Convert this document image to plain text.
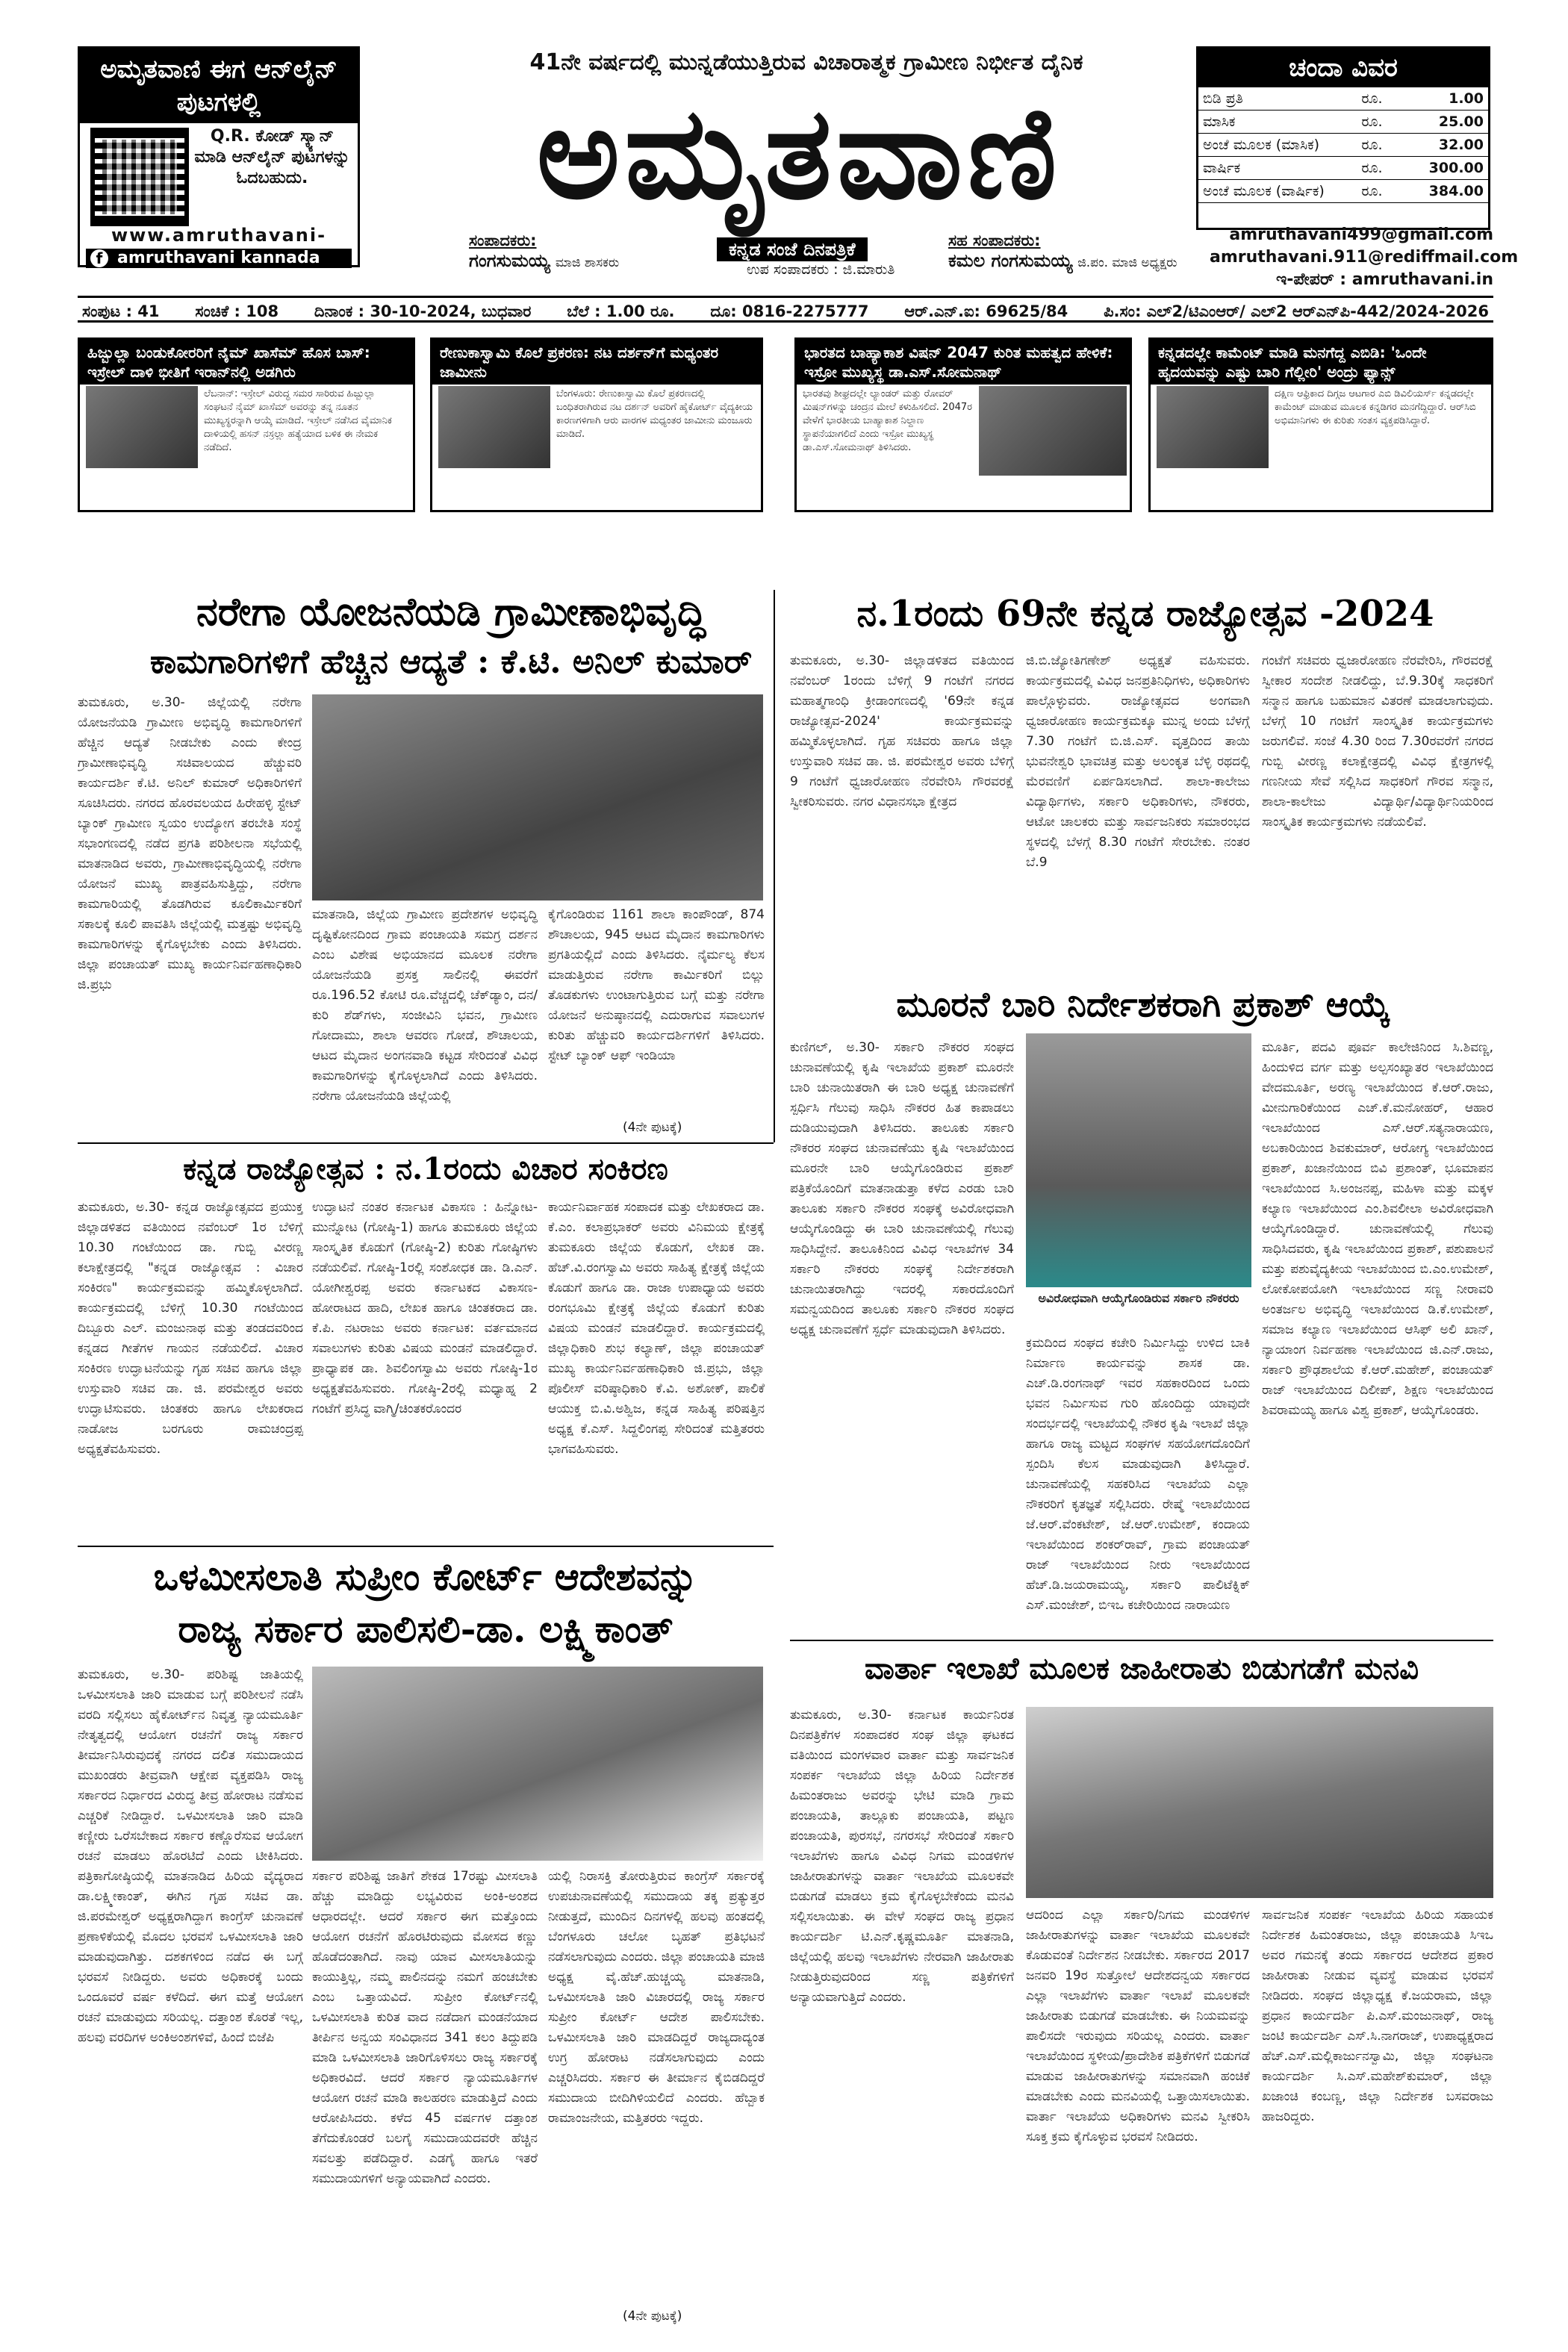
ಅಮೃತವಾಣಿ ಈಗ ಆನ್‌ಲೈನ್ ಪುಟಗಳಲ್ಲಿ
Q.R. ಕೋಡ್ ಸ್ಕ್ಯಾನ್ ಮಾಡಿ ಆನ್‌ಲೈನ್ ಪುಟಗಳನ್ನು ಓದಬಹುದು.
www.amruthavani-
f amruthavani kannada
41ನೇ ವರ್ಷದಲ್ಲಿ ಮುನ್ನಡೆಯುತ್ತಿರುವ ವಿಚಾರಾತ್ಮಕ ಗ್ರಾಮೀಣ ನಿರ್ಭೀತ ದೈನಿಕ
ಅಮೃತವಾಣಿ
ಸಂಪಾದಕರು:
ಗಂಗಸುಮಯ್ಯ ಮಾಜಿ ಶಾಸಕರು
ಕನ್ನಡ ಸಂಜೆ ದಿನಪತ್ರಿಕೆ
ಉಪ ಸಂಪಾದಕರು : ಜಿ.ಮಾರುತಿ
ಸಹ ಸಂಪಾದಕರು:
ಕಮಲ ಗಂಗಸುಮಯ್ಯ ಜಿ.ಪಂ. ಮಾಜಿ ಅಧ್ಯಕ್ಷರು
ಚಂದಾ ವಿವರ
ಬಿಡಿ ಪ್ರತಿ	ರೂ.	1.00
ಮಾಸಿಕ	ರೂ.	25.00
ಅಂಚೆ ಮೂಲಕ (ಮಾಸಿಕ)	ರೂ.	32.00
ವಾರ್ಷಿಕ	ರೂ.	300.00
ಅಂಚೆ ಮೂಲಕ (ವಾರ್ಷಿಕ)	ರೂ.	384.00
amruthavani499@gmail.com
amruthavani.911@rediffmail.com
ಇ-ಪೇಪರ್ : amruthavani.in
ಸಂಪುಟ : 41 ಸಂಚಿಕೆ : 108 ದಿನಾಂಕ : 30-10-2024, ಬುಧವಾರ ಬೆಲೆ : 1.00 ರೂ. ದೂ: 0816-2275777 ಆರ್.ಎನ್.ಐ: 69625/84 ಪಿ.ಸಂ: ಎಲ್2/ಟಿಎಂಆರ್/ ಎಲ್2 ಆರ್‌ಎನ್‌ಪಿ-442/2024-2026
ಹಿಜ್ಬುಲ್ಲಾ ಬಂಡುಕೋರರಿಗೆ ನೈಮ್ ಖಾಸೆಮ್ ಹೊಸ ಬಾಸ್: ಇಸ್ರೇಲ್ ದಾಳಿ ಭೀತಿಗೆ ಇರಾನ್‌ನಲ್ಲಿ ಅಡಗಿರು
ಲೆಬನಾನ್: ಇಸ್ರೇಲ್ ವಿರುದ್ಧ ಸಮರ ಸಾರಿರುವ ಹಿಜ್ಬುಲ್ಲಾ ಸಂಘಟನೆ ನೈಮ್ ಖಾಸೆಮ್ ಅವರನ್ನು ತನ್ನ ನೂತನ ಮುಖ್ಯಸ್ಥರನ್ನಾಗಿ ಆಯ್ಕೆ ಮಾಡಿದೆ. ಇಸ್ರೇಲ್ ನಡೆಸಿದ ವೈಮಾನಿಕ ದಾಳಿಯಲ್ಲಿ ಹಸನ್ ನಸ್ರಲ್ಲಾ ಹತ್ಯೆಯಾದ ಬಳಿಕ ಈ ನೇಮಕ ನಡೆದಿದೆ.
ರೇಣುಕಾಸ್ವಾಮಿ ಕೊಲೆ ಪ್ರಕರಣ: ನಟ ದರ್ಶನ್‌ಗೆ ಮಧ್ಯಂತರ ಜಾಮೀನು
ಬೆಂಗಳೂರು: ರೇಣುಕಾಸ್ವಾಮಿ ಕೊಲೆ ಪ್ರಕರಣದಲ್ಲಿ ಬಂಧಿತರಾಗಿರುವ ನಟ ದರ್ಶನ್ ಅವರಿಗೆ ಹೈಕೋರ್ಟ್ ವೈದ್ಯಕೀಯ ಕಾರಣಗಳಿಗಾಗಿ ಆರು ವಾರಗಳ ಮಧ್ಯಂತರ ಜಾಮೀನು ಮಂಜೂರು ಮಾಡಿದೆ.
ಭಾರತದ ಬಾಹ್ಯಾಕಾಶ ವಿಷನ್ 2047 ಕುರಿತ ಮಹತ್ವದ ಹೇಳಿಕೆ: ಇಸ್ರೋ ಮುಖ್ಯಸ್ಥ ಡಾ.ಎಸ್.ಸೋಮನಾಥ್
ಭಾರತವು ಶೀಘ್ರದಲ್ಲೇ ಲ್ಯಾಂಡರ್ ಮತ್ತು ರೋವರ್ ಮಿಷನ್‌ಗಳನ್ನು ಚಂದ್ರನ ಮೇಲೆ ಕಳುಹಿಸಲಿದೆ. 2047ರ ವೇಳೆಗೆ ಭಾರತೀಯ ಬಾಹ್ಯಾಕಾಶ ನಿಲ್ದಾಣ ಸ್ಥಾಪನೆಯಾಗಲಿದೆ ಎಂದು ಇಸ್ರೋ ಮುಖ್ಯಸ್ಥ ಡಾ.ಎಸ್.ಸೋಮನಾಥ್ ತಿಳಿಸಿದರು.
ಕನ್ನಡದಲ್ಲೇ ಕಾಮೆಂಟ್ ಮಾಡಿ ಮನಗೆದ್ದ ಎಬಿಡಿ: 'ಒಂದೇ ಹೃದಯವನ್ನು ಎಷ್ಟು ಬಾರಿ ಗೆಲ್ಲೀರಿ' ಅಂದ್ರು ಫ್ಯಾನ್ಸ್
ದಕ್ಷಿಣ ಆಫ್ರಿಕಾದ ದಿಗ್ಗಜ ಆಟಗಾರ ಎಬಿ ಡಿವಿಲಿಯರ್ಸ್ ಕನ್ನಡದಲ್ಲೇ ಕಾಮೆಂಟ್ ಮಾಡುವ ಮೂಲಕ ಕನ್ನಡಿಗರ ಮನಗೆದ್ದಿದ್ದಾರೆ. ಆರ್‌ಸಿಬಿ ಅಭಿಮಾನಿಗಳು ಈ ಕುರಿತು ಸಂತಸ ವ್ಯಕ್ತಪಡಿಸಿದ್ದಾರೆ.
ನರೇಗಾ ಯೋಜನೆಯಡಿ ಗ್ರಾಮೀಣಾಭಿವೃದ್ಧಿ
ಕಾಮಗಾರಿಗಳಿಗೆ ಹೆಚ್ಚಿನ ಆದ್ಯತೆ : ಕೆ.ಟಿ. ಅನಿಲ್ ಕುಮಾರ್
ತುಮಕೂರು, ಅ.30- ಜಿಲ್ಲೆಯಲ್ಲಿ ನರೇಗಾ ಯೋಜನೆಯಡಿ ಗ್ರಾಮೀಣ ಅಭಿವೃದ್ಧಿ ಕಾಮಗಾರಿಗಳಿಗೆ ಹೆಚ್ಚಿನ ಆದ್ಯತೆ ನೀಡಬೇಕು ಎಂದು ಕೇಂದ್ರ ಗ್ರಾಮೀಣಾಭಿವೃದ್ಧಿ ಸಚಿವಾಲಯದ ಹೆಚ್ಚುವರಿ ಕಾರ್ಯದರ್ಶಿ ಕೆ.ಟಿ. ಅನಿಲ್ ಕುಮಾರ್ ಅಧಿಕಾರಿಗಳಿಗೆ ಸೂಚಿಸಿದರು. ನಗರದ ಹೊರವಲಯದ ಹಿರೇಹಳ್ಳಿ ಸ್ಟೇಟ್ ಬ್ಯಾಂಕ್ ಗ್ರಾಮೀಣ ಸ್ವಯಂ ಉದ್ಯೋಗ ತರಬೇತಿ ಸಂಸ್ಥೆ ಸಭಾಂಗಣದಲ್ಲಿ ನಡೆದ ಪ್ರಗತಿ ಪರಿಶೀಲನಾ ಸಭೆಯಲ್ಲಿ ಮಾತನಾಡಿದ ಅವರು, ಗ್ರಾಮೀಣಾಭಿವೃದ್ಧಿಯಲ್ಲಿ ನರೇಗಾ ಯೋಜನೆ ಮುಖ್ಯ ಪಾತ್ರವಹಿಸುತ್ತಿದ್ದು, ನರೇಗಾ ಕಾಮಗಾರಿಯಲ್ಲಿ ತೊಡಗಿರುವ ಕೂಲಿಕಾರ್ಮಿಕರಿಗೆ ಸಕಾಲಕ್ಕೆ ಕೂಲಿ ಪಾವತಿಸಿ ಜಿಲ್ಲೆಯಲ್ಲಿ ಮತ್ತಷ್ಟು ಅಭಿವೃದ್ಧಿ ಕಾಮಗಾರಿಗಳನ್ನು ಕೈಗೊಳ್ಳಬೇಕು ಎಂದು ತಿಳಿಸಿದರು. ಜಿಲ್ಲಾ ಪಂಚಾಯತ್ ಮುಖ್ಯ ಕಾರ್ಯನಿರ್ವಹಣಾಧಿಕಾರಿ ಜಿ.ಪ್ರಭು
ಮಾತನಾಡಿ, ಜಿಲ್ಲೆಯ ಗ್ರಾಮೀಣ ಪ್ರದೇಶಗಳ ಅಭಿವೃದ್ಧಿ ದೃಷ್ಟಿಕೋನದಿಂದ ಗ್ರಾಮ ಪಂಚಾಯತಿ ಸಮಗ್ರ ದರ್ಶನ ಎಂಬ ವಿಶೇಷ ಅಭಿಯಾನದ ಮೂಲಕ ನರೇಗಾ ಯೋಜನೆಯಡಿ ಪ್ರಸಕ್ತ ಸಾಲಿನಲ್ಲಿ ಈವರೆಗೆ ರೂ.196.52 ಕೋಟಿ ರೂ.ವೆಚ್ಚದಲ್ಲಿ ಚೆಕ್‌ಡ್ಯಾಂ, ದನ/ಕುರಿ ಶೆಡ್‌ಗಳು, ಸಂಜೀವಿನಿ ಭವನ, ಗ್ರಾಮೀಣ ಗೋದಾಮು, ಶಾಲಾ ಆವರಣ ಗೋಡೆ, ಶೌಚಾಲಯ, ಆಟದ ಮೈದಾನ ಅಂಗನವಾಡಿ ಕಟ್ಟಡ ಸೇರಿದಂತೆ ವಿವಿಧ ಕಾಮಗಾರಿಗಳನ್ನು ಕೈಗೊಳ್ಳಲಾಗಿದೆ ಎಂದು ತಿಳಿಸಿದರು. ನರೇಗಾ ಯೋಜನೆಯಡಿ ಜಿಲ್ಲೆಯಲ್ಲಿ
ಕೈಗೊಂಡಿರುವ 1161 ಶಾಲಾ ಕಾಂಪೌಂಡ್, 874 ಶೌಚಾಲಯ, 945 ಆಟದ ಮೈದಾನ ಕಾಮಗಾರಿಗಳು ಪ್ರಗತಿಯಲ್ಲಿದೆ ಎಂದು ತಿಳಿಸಿದರು. ನೈರ್ಮಲ್ಯ ಕೆಲಸ ಮಾಡುತ್ತಿರುವ ನರೇಗಾ ಕಾರ್ಮಿಕರಿಗೆ ಬಿಲ್ಲು ತೊಡಕುಗಳು ಉಂಟಾಗುತ್ತಿರುವ ಬಗ್ಗೆ ಮತ್ತು ನರೇಗಾ ಯೋಜನೆ ಅನುಷ್ಠಾನದಲ್ಲಿ ಎದುರಾಗುವ ಸವಾಲುಗಳ ಕುರಿತು ಹೆಚ್ಚುವರಿ ಕಾರ್ಯದರ್ಶಿಗಳಿಗೆ ತಿಳಿಸಿದರು. ಸ್ಟೇಟ್ ಬ್ಯಾಂಕ್ ಆಫ್ ಇಂಡಿಯಾ
(4ನೇ ಪುಟಕ್ಕೆ)
ನ.1ರಂದು 69ನೇ ಕನ್ನಡ ರಾಜ್ಯೋತ್ಸವ -2024
ತುಮಕೂರು, ಅ.30- ಜಿಲ್ಲಾಡಳಿತದ ವತಿಯಿಂದ ನವೆಂಬರ್ 1ರಂದು ಬೆಳಿಗ್ಗೆ 9 ಗಂಟೆಗೆ ನಗರದ ಮಹಾತ್ಮಗಾಂಧಿ ಕ್ರೀಡಾಂಗಣದಲ್ಲಿ '69ನೇ ಕನ್ನಡ ರಾಜ್ಯೋತ್ಸವ-2024' ಕಾರ್ಯಕ್ರಮವನ್ನು ಹಮ್ಮಿಕೊಳ್ಳಲಾಗಿದೆ. ಗೃಹ ಸಚಿವರು ಹಾಗೂ ಜಿಲ್ಲಾ ಉಸ್ತುವಾರಿ ಸಚಿವ ಡಾ. ಜಿ. ಪರಮೇಶ್ವರ ಅವರು ಬೆಳಿಗ್ಗೆ 9 ಗಂಟೆಗೆ ಧ್ವಜಾರೋಹಣ ನೆರವೇರಿಸಿ ಗೌರವರಕ್ಷೆ ಸ್ವೀಕರಿಸುವರು. ನಗರ ವಿಧಾನಸಭಾ ಕ್ಷೇತ್ರದ
ಜಿ.ಬಿ.ಜ್ಯೋತಿಗಣೇಶ್ ಅಧ್ಯಕ್ಷತೆ ವಹಿಸುವರು. ಕಾರ್ಯಕ್ರಮದಲ್ಲಿ ವಿವಿಧ ಜನಪ್ರತಿನಿಧಿಗಳು, ಅಧಿಕಾರಿಗಳು ಪಾಲ್ಗೊಳ್ಳುವರು. ರಾಜ್ಯೋತ್ಸವದ ಅಂಗವಾಗಿ ಧ್ವಜಾರೋಹಣ ಕಾರ್ಯಕ್ರಮಕ್ಕೂ ಮುನ್ನ ಅಂದು ಬೆಳಗ್ಗೆ 7.30 ಗಂಟೆಗೆ ಬಿ.ಜಿ.ಎಸ್. ವೃತ್ತದಿಂದ ತಾಯಿ ಭುವನೇಶ್ವರಿ ಭಾವಚಿತ್ರ ಮತ್ತು ಅಲಂಕೃತ ಬೆಳ್ಳಿ ರಥದಲ್ಲಿ ಮೆರವಣಿಗೆ ಏರ್ಪಡಿಸಲಾಗಿದೆ. ಶಾಲಾ-ಕಾಲೇಜು ವಿದ್ಯಾರ್ಥಿಗಳು, ಸರ್ಕಾರಿ ಅಧಿಕಾರಿಗಳು, ನೌಕರರು, ಆಟೋ ಚಾಲಕರು ಮತ್ತು ಸಾರ್ವಜನಿಕರು ಸಮಾರಂಭದ ಸ್ಥಳದಲ್ಲಿ ಬೆಳಗ್ಗೆ 8.30 ಗಂಟೆಗೆ ಸೇರಬೇಕು. ನಂತರ ಬೆ.9
ಗಂಟೆಗೆ ಸಚಿವರು ಧ್ವಜಾರೋಹಣ ನೆರವೇರಿಸಿ, ಗೌರವರಕ್ಷೆ ಸ್ವೀಕಾರ ಸಂದೇಶ ನೀಡಲಿದ್ದು, ಬೆ.9.30ಕ್ಕೆ ಸಾಧಕರಿಗೆ ಸನ್ಮಾನ ಹಾಗೂ ಬಹುಮಾನ ವಿತರಣೆ ಮಾಡಲಾಗುವುದು. ಬೆಳಗ್ಗೆ 10 ಗಂಟೆಗೆ ಸಾಂಸ್ಕೃತಿಕ ಕಾರ್ಯಕ್ರಮಗಳು ಜರುಗಲಿವೆ. ಸಂಜೆ 4.30 ರಿಂದ 7.30ರವರೆಗೆ ನಗರದ ಗುಬ್ಬಿ ವೀರಣ್ಣ ಕಲಾಕ್ಷೇತ್ರದಲ್ಲಿ ವಿವಿಧ ಕ್ಷೇತ್ರಗಳಲ್ಲಿ ಗಣನೀಯ ಸೇವೆ ಸಲ್ಲಿಸಿದ ಸಾಧಕರಿಗೆ ಗೌರವ ಸನ್ಮಾನ, ಶಾಲಾ-ಕಾಲೇಜು ವಿದ್ಯಾರ್ಥಿ/ವಿದ್ಯಾರ್ಥಿನಿಯರಿಂದ ಸಾಂಸ್ಕೃತಿಕ ಕಾರ್ಯಕ್ರಮಗಳು ನಡೆಯಲಿವೆ.
ಮೂರನೆ ಬಾರಿ ನಿರ್ದೇಶಕರಾಗಿ ಪ್ರಕಾಶ್ ಆಯ್ಕೆ
ಕುಣಿಗಲ್, ಅ.30- ಸರ್ಕಾರಿ ನೌಕರರ ಸಂಘದ ಚುನಾವಣೆಯಲ್ಲಿ ಕೃಷಿ ಇಲಾಖೆಯ ಪ್ರಕಾಶ್ ಮೂರನೇ ಬಾರಿ ಚುನಾಯಿತರಾಗಿ ಈ ಬಾರಿ ಅಧ್ಯಕ್ಷ ಚುನಾವಣೆಗೆ ಸ್ಪರ್ಧಿಸಿ ಗೆಲುವು ಸಾಧಿಸಿ ನೌಕರರ ಹಿತ ಕಾಪಾಡಲು ದುಡಿಯುವುದಾಗಿ ತಿಳಿಸಿದರು. ತಾಲೂಕು ಸರ್ಕಾರಿ ನೌಕರರ ಸಂಘದ ಚುನಾವಣೆಯು ಕೃಷಿ ಇಲಾಖೆಯಿಂದ ಮೂರನೇ ಬಾರಿ ಆಯ್ಕೆಗೊಂಡಿರುವ ಪ್ರಕಾಶ್ ಪತ್ರಿಕೆಯೊಂದಿಗೆ ಮಾತನಾಡುತ್ತಾ ಕಳೆದ ಎರಡು ಬಾರಿ ತಾಲೂಕು ಸರ್ಕಾರಿ ನೌಕರರ ಸಂಘಕ್ಕೆ ಅವಿರೋಧವಾಗಿ ಆಯ್ಕೆಗೊಂಡಿದ್ದು ಈ ಬಾರಿ ಚುನಾವಣೆಯಲ್ಲಿ ಗೆಲುವು ಸಾಧಿಸಿದ್ದೇನೆ. ತಾಲೂಕಿನಿಂದ ವಿವಿಧ ಇಲಾಖೆಗಳ 34 ಸರ್ಕಾರಿ ನೌಕರರು ಸಂಘಕ್ಕೆ ನಿರ್ದೇಶಕರಾಗಿ ಚುನಾಯಿತರಾಗಿದ್ದು ಇದರಲ್ಲಿ ಸಕಾರದೊಂದಿಗೆ ಸಮನ್ವಯದಿಂದ ತಾಲೂಕು ಸರ್ಕಾರಿ ನೌಕರರ ಸಂಘದ ಅಧ್ಯಕ್ಷ ಚುನಾವಣೆಗೆ ಸ್ಪರ್ಧೆ ಮಾಡುವುದಾಗಿ ತಿಳಿಸಿದರು.
ಅವಿರೋಧವಾಗಿ ಆಯ್ಕೆಗೊಂಡಿರುವ ಸರ್ಕಾರಿ ನೌಕರರು
ಕ್ರಮದಿಂದ ಸಂಘದ ಕಚೇರಿ ನಿರ್ಮಿಸಿದ್ದು ಉಳಿದ ಬಾಕಿ ನಿರ್ಮಾಣ ಕಾರ್ಯವನ್ನು ಶಾಸಕ ಡಾ. ಎಚ್.ಡಿ.ರಂಗನಾಥ್ ಇವರ ಸಹಕಾರದಿಂದ ಒಂದು ಭವನ ನಿರ್ಮಿಸುವ ಗುರಿ ಹೊಂದಿದ್ದು ಯಾವುದೇ ಸಂದರ್ಭದಲ್ಲಿ ಇಲಾಖೆಯಲ್ಲಿ ನೌಕರ ಕೃಷಿ ಇಲಾಖೆ ಜಿಲ್ಲಾ ಹಾಗೂ ರಾಜ್ಯ ಮಟ್ಟದ ಸಂಘಗಳ ಸಹಯೋಗದೊಂದಿಗೆ ಸ್ಪಂದಿಸಿ ಕೆಲಸ ಮಾಡುವುದಾಗಿ ತಿಳಿಸಿದ್ದಾರೆ. ಚುನಾವಣೆಯಲ್ಲಿ ಸಹಕರಿಸಿದ ಇಲಾಖೆಯ ಎಲ್ಲಾ ನೌಕರರಿಗೆ ಕೃತಜ್ಞತೆ ಸಲ್ಲಿಸಿದರು. ರೇಷ್ಮೆ ಇಲಾಖೆಯಿಂದ ಜೆ.ಆರ್.ವೆಂಕಟೇಶ್, ಜೆ.ಆರ್.ಉಮೇಶ್, ಕಂದಾಯ ಇಲಾಖೆಯಿಂದ ಶಂಕರ್‌ರಾವ್, ಗ್ರಾಮ ಪಂಚಾಯತ್ ರಾಜ್ ಇಲಾಖೆಯಿಂದ ನೀರು ಇಲಾಖೆಯಿಂದ ಹೆಚ್.ಡಿ.ಜಯರಾಮಯ್ಯ, ಸರ್ಕಾರಿ ಪಾಲಿಟೆಕ್ನಿಕ್ ಎಸ್.ಮಂಜೇಶ್, ಬಿಇಒ ಕಚೇರಿಯಿಂದ ನಾರಾಯಣ
ಮೂರ್ತಿ, ಪದವಿ ಪೂರ್ವ ಕಾಲೇಜಿನಿಂದ ಸಿ.ಶಿವಣ್ಣ, ಹಿಂದುಳಿದ ವರ್ಗ ಮತ್ತು ಅಲ್ಪಸಂಖ್ಯಾತರ ಇಲಾಖೆಯಿಂದ ವೇದಮೂರ್ತಿ, ಅರಣ್ಯ ಇಲಾಖೆಯಿಂದ ಕೆ.ಆರ್.ರಾಜು, ಮೀನುಗಾರಿಕೆಯಿಂದ ಎಚ್.ಕೆ.ಮನೋಹರ್, ಆಹಾರ ಇಲಾಖೆಯಿಂದ ಎಸ್.ಆರ್.ಸತ್ಯನಾರಾಯಣ, ಅಬಕಾರಿಯಿಂದ ಶಿವಕುಮಾರ್, ಆರೋಗ್ಯ ಇಲಾಖೆಯಿಂದ ಪ್ರಕಾಶ್, ಖಜಾನೆಯಿಂದ ಬಿವಿ ಪ್ರಶಾಂತ್, ಭೂಮಾಪನ ಇಲಾಖೆಯಿಂದ ಸಿ.ಅಂಜನಪ್ಪ, ಮಹಿಳಾ ಮತ್ತು ಮಕ್ಕಳ ಕಲ್ಯಾಣ ಇಲಾಖೆಯಿಂದ ಎಂ.ಶಿವಲೀಲಾ ಅವಿರೋಧವಾಗಿ ಆಯ್ಕೆಗೊಂಡಿದ್ದಾರೆ. ಚುನಾವಣೆಯಲ್ಲಿ ಗೆಲುವು ಸಾಧಿಸಿದವರು, ಕೃಷಿ ಇಲಾಖೆಯಿಂದ ಪ್ರಕಾಶ್, ಪಶುಪಾಲನೆ ಮತ್ತು ಪಶುವೈದ್ಯಕೀಯ ಇಲಾಖೆಯಿಂದ ಬಿ.ಎಂ.ಉಮೇಶ್, ಲೋಕೋಪಯೋಗಿ ಇಲಾಖೆಯಿಂದ ಸಣ್ಣ ನೀರಾವರಿ ಅಂತರ್ಜಲ ಅಭಿವೃದ್ಧಿ ಇಲಾಖೆಯಿಂದ ಡಿ.ಕೆ.ಉಮೇಶ್, ಸಮಾಜ ಕಲ್ಯಾಣ ಇಲಾಖೆಯಿಂದ ಆಸಿಫ್ ಅಲಿ ಖಾನ್, ನ್ಯಾಯಾಂಗ ನಿರ್ವಹಣಾ ಇಲಾಖೆಯಿಂದ ಜಿ.ಎನ್.ರಾಜು, ಸರ್ಕಾರಿ ಪ್ರೌಢಶಾಲೆಯ ಕೆ.ಆರ್.ಮಹೇಶ್, ಪಂಚಾಯತ್ ರಾಜ್ ಇಲಾಖೆಯಿಂದ ದಿಲೀಪ್, ಶಿಕ್ಷಣ ಇಲಾಖೆಯಿಂದ ಶಿವರಾಮಯ್ಯ ಹಾಗೂ ವಿಶ್ವ ಪ್ರಕಾಶ್, ಆಯ್ಕೆಗೊಂಡರು.
ಕನ್ನಡ ರಾಜ್ಯೋತ್ಸವ : ನ.1ರಂದು ವಿಚಾರ ಸಂಕಿರಣ
ತುಮಕೂರು, ಅ.30- ಕನ್ನಡ ರಾಜ್ಯೋತ್ಸವದ ಪ್ರಯುಕ್ತ ಜಿಲ್ಲಾಡಳಿತದ ವತಿಯಿಂದ ನವೆಂಬರ್ 1ರ ಬೆಳಿಗ್ಗೆ 10.30 ಗಂಟೆಯಿಂದ ಡಾ. ಗುಬ್ಬಿ ವೀರಣ್ಣ ಕಲಾಕ್ಷೇತ್ರದಲ್ಲಿ "ಕನ್ನಡ ರಾಜ್ಯೋತ್ಸವ : ವಿಚಾರ ಸಂಕಿರಣ" ಕಾರ್ಯಕ್ರಮವನ್ನು ಹಮ್ಮಿಕೊಳ್ಳಲಾಗಿದೆ. ಕಾರ್ಯಕ್ರಮದಲ್ಲಿ ಬೆಳಿಗ್ಗೆ 10.30 ಗಂಟೆಯಿಂದ ದಿಬ್ಬೂರು ಎಲ್. ಮಂಜುನಾಥ ಮತ್ತು ತಂಡದವರಿಂದ ಕನ್ನಡದ ಗೀತೆಗಳ ಗಾಯನ ನಡೆಯಲಿದೆ. ವಿಚಾರ ಸಂಕಿರಣ ಉದ್ಘಾಟನೆಯನ್ನು ಗೃಹ ಸಚಿವ ಹಾಗೂ ಜಿಲ್ಲಾ ಉಸ್ತುವಾರಿ ಸಚಿವ ಡಾ. ಜಿ. ಪರಮೇಶ್ವರ ಅವರು ಉದ್ಘಾಟಿಸುವರು. ಚಿಂತಕರು ಹಾಗೂ ಲೇಖಕರಾದ ನಾಡೋಜ ಬರಗೂರು ರಾಮಚಂದ್ರಪ್ಪ ಅಧ್ಯಕ್ಷತೆವಹಿಸುವರು.
ಉದ್ಘಾಟನೆ ನಂತರ ಕರ್ನಾಟಕ ವಿಕಾಸಣ : ಹಿನ್ನೋಟ-ಮುನ್ನೋಟ (ಗೋಷ್ಠಿ-1) ಹಾಗೂ ತುಮಕೂರು ಜಿಲ್ಲೆಯ ಸಾಂಸ್ಕೃತಿಕ ಕೊಡುಗೆ (ಗೋಷ್ಠಿ-2) ಕುರಿತು ಗೋಷ್ಠಿಗಳು ನಡೆಯಲಿವೆ. ಗೋಷ್ಠಿ-1ರಲ್ಲಿ ಸಂಶೋಧಕ ಡಾ. ಡಿ.ಎನ್. ಯೋಗೀಶ್ವರಪ್ಪ ಅವರು ಕರ್ನಾಟಕದ ವಿಕಾಸಣ-ಹೋರಾಟದ ಹಾದಿ, ಲೇಖಕ ಹಾಗೂ ಚಿಂತಕರಾದ ಡಾ. ಕೆ.ಪಿ. ನಟರಾಜು ಅವರು ಕರ್ನಾಟಕ: ವರ್ತಮಾನದ ಸವಾಲುಗಳು ಕುರಿತು ವಿಷಯ ಮಂಡನೆ ಮಾಡಲಿದ್ದಾರೆ. ಪ್ರಾಧ್ಯಾಪಕ ಡಾ. ಶಿವಲಿಂಗಸ್ವಾಮಿ ಅವರು ಗೋಷ್ಠಿ-1ರ ಅಧ್ಯಕ್ಷತೆವಹಿಸುವರು. ಗೋಷ್ಠಿ-2ರಲ್ಲಿ ಮಧ್ಯಾಹ್ನ 2 ಗಂಟೆಗೆ ಪ್ರಸಿದ್ಧ ವಾಗ್ಮಿ/ಚಿಂತಕರೊಂದರ
ಕಾರ್ಯನಿರ್ವಾಹಕ ಸಂಪಾದಕ ಮತ್ತು ಲೇಖಕರಾದ ಡಾ. ಕೆ.ಎಂ. ಕಲಾಪ್ರಭಾಕರ್ ಅವರು ವಿನಿಮಯ ಕ್ಷೇತ್ರಕ್ಕೆ ತುಮಕೂರು ಜಿಲ್ಲೆಯ ಕೊಡುಗೆ, ಲೇಖಕ ಡಾ. ಹೆಚ್.ವಿ.ರಂಗಸ್ವಾಮಿ ಅವರು ಸಾಹಿತ್ಯ ಕ್ಷೇತ್ರಕ್ಕೆ ಜಿಲ್ಲೆಯ ಕೊಡುಗೆ ಹಾಗೂ ಡಾ. ರಾಜಾ ಉಪಾಧ್ಯಾಯ ಅವರು ರಂಗಭೂಮಿ ಕ್ಷೇತ್ರಕ್ಕೆ ಜಿಲ್ಲೆಯ ಕೊಡುಗೆ ಕುರಿತು ವಿಷಯ ಮಂಡನೆ ಮಾಡಲಿದ್ದಾರೆ. ಕಾರ್ಯಕ್ರಮದಲ್ಲಿ ಜಿಲ್ಲಾಧಿಕಾರಿ ಶುಭ ಕಲ್ಯಾಣ್, ಜಿಲ್ಲಾ ಪಂಚಾಯತ್ ಮುಖ್ಯ ಕಾರ್ಯನಿರ್ವಹಣಾಧಿಕಾರಿ ಜಿ.ಪ್ರಭು, ಜಿಲ್ಲಾ ಪೊಲೀಸ್ ವರಿಷ್ಠಾಧಿಕಾರಿ ಕೆ.ವಿ. ಅಶೋಕ್, ಪಾಲಿಕೆ ಆಯುಕ್ತ ಬಿ.ವಿ.ಅಶ್ವಿಜ, ಕನ್ನಡ ಸಾಹಿತ್ಯ ಪರಿಷತ್ತಿನ ಅಧ್ಯಕ್ಷ ಕೆ.ಎಸ್. ಸಿದ್ದಲಿಂಗಪ್ಪ ಸೇರಿದಂತೆ ಮತ್ತಿತರರು ಭಾಗವಹಿಸುವರು.
ಒಳಮೀಸಲಾತಿ ಸುಪ್ರೀಂ ಕೋರ್ಟ್ ಆದೇಶವನ್ನು
ರಾಜ್ಯ ಸರ್ಕಾರ ಪಾಲಿಸಲಿ-ಡಾ. ಲಕ್ಷ್ಮಿಕಾಂತ್
ತುಮಕೂರು, ಅ.30- ಪರಿಶಿಷ್ಟ ಜಾತಿಯಲ್ಲಿ ಒಳಮೀಸಲಾತಿ ಜಾರಿ ಮಾಡುವ ಬಗ್ಗೆ ಪರಿಶೀಲನೆ ನಡೆಸಿ ವರದಿ ಸಲ್ಲಿಸಲು ಹೈಕೋರ್ಟ್‌ನ ನಿವೃತ್ತ ನ್ಯಾಯಮೂರ್ತಿ ನೇತೃತ್ವದಲ್ಲಿ ಆಯೋಗ ರಚನೆಗೆ ರಾಜ್ಯ ಸರ್ಕಾರ ತೀರ್ಮಾನಿಸಿರುವುದಕ್ಕೆ ನಗರದ ದಲಿತ ಸಮುದಾಯದ ಮುಖಂಡರು ತೀವ್ರವಾಗಿ ಆಕ್ಷೇಪ ವ್ಯಕ್ತಪಡಿಸಿ ರಾಜ್ಯ ಸರ್ಕಾರದ ನಿರ್ಧಾರದ ವಿರುದ್ಧ ತೀವ್ರ ಹೋರಾಟ ನಡೆಸುವ ಎಚ್ಚರಿಕೆ ನೀಡಿದ್ದಾರೆ. ಒಳಮೀಸಲಾತಿ ಜಾರಿ ಮಾಡಿ ಕಣ್ಣೀರು ಒರೆಸಬೇಕಾದ ಸರ್ಕಾರ ಕಣ್ಣೊರೆಸುವ ಆಯೋಗ ರಚನೆ ಮಾಡಲು ಹೊರಟಿದೆ ಎಂದು ಟೀಕಿಸಿದರು. ಪತ್ರಿಕಾಗೋಷ್ಠಿಯಲ್ಲಿ ಮಾತನಾಡಿದ ಹಿರಿಯ ವೈದ್ಯರಾದ ಡಾ.ಲಕ್ಷ್ಮೀಕಾಂತ್, ಈಗಿನ ಗೃಹ ಸಚಿವ ಡಾ. ಜಿ.ಪರಮೇಶ್ವರ್ ಅಧ್ಯಕ್ಷರಾಗಿದ್ದಾಗ ಕಾಂಗ್ರೆಸ್ ಚುನಾವಣೆ ಪ್ರಣಾಳಿಕೆಯಲ್ಲಿ ಮೊದಲ ಭರವಸೆ ಒಳಮೀಸಲಾತಿ ಜಾರಿ ಮಾಡುವುದಾಗಿತ್ತು. ದಶಕಗಳಿಂದ ನಡೆದ ಈ ಬಗ್ಗೆ ಭರವಸೆ ನೀಡಿದ್ದರು. ಅವರು ಅಧಿಕಾರಕ್ಕೆ ಬಂದು ಒಂದೂವರೆ ವರ್ಷ ಕಳೆದಿದೆ. ಈಗ ಮತ್ತೆ ಆಯೋಗ ರಚನೆ ಮಾಡುವುದು ಸರಿಯಲ್ಲ. ದತ್ತಾಂಶ ಕೊರತೆ ಇಲ್ಲ, ಹಲವು ವರದಿಗಳ ಅಂಕಿಅಂಶಗಳಿವೆ, ಹಿಂದೆ ಬಿಜೆಪಿ
ಸರ್ಕಾರ ಪರಿಶಿಷ್ಟ ಜಾತಿಗೆ ಶೇಕಡ 17ರಷ್ಟು ಮೀಸಲಾತಿ ಹೆಚ್ಚು ಮಾಡಿದ್ದು ಲಭ್ಯವಿರುವ ಅಂಕಿ-ಅಂಶದ ಆಧಾರದಲ್ಲೇ. ಆದರೆ ಸರ್ಕಾರ ಈಗ ಮತ್ತೊಂದು ಆಯೋಗ ರಚನೆಗೆ ಹೊರಟಿರುವುದು ಮೋಸದ ಕಣ್ಣು ಹೊಡೆದಂತಾಗಿದೆ. ನಾವು ಯಾವ ಮೀಸಲಾತಿಯನ್ನು ಕಾಯುತ್ತಿಲ್ಲ, ನಮ್ಮ ಪಾಲಿನದನ್ನು ನಮಗೆ ಹಂಚಬೇಕು ಎಂಬ ಒತ್ತಾಯವಿದೆ. ಸುಪ್ರೀಂ ಕೋರ್ಟ್‌ನಲ್ಲಿ ಒಳಮೀಸಲಾತಿ ಕುರಿತ ವಾದ ನಡೆದಾಗ ಮಂಡನೆಯಾದ ತೀರ್ಪಿನ ಅನ್ವಯ ಸಂವಿಧಾನದ 341 ಕಲಂ ತಿದ್ದುಪಡಿ ಮಾಡಿ ಒಳಮೀಸಲಾತಿ ಜಾರಿಗೊಳಿಸಲು ರಾಜ್ಯ ಸರ್ಕಾರಕ್ಕೆ ಅಧಿಕಾರವಿದೆ. ಆದರೆ ಸರ್ಕಾರ ನ್ಯಾಯಮೂರ್ತಿಗಳ ಆಯೋಗ ರಚನೆ ಮಾಡಿ ಕಾಲಹರಣ ಮಾಡುತ್ತಿದೆ ಎಂದು ಆರೋಪಿಸಿದರು. ಕಳೆದ 45 ವರ್ಷಗಳ ದತ್ತಾಂಶ ತೆಗೆದುಕೊಂಡರೆ ಬಲಗೈ ಸಮುದಾಯದವರೇ ಹೆಚ್ಚಿನ ಸವಲತ್ತು ಪಡೆದಿದ್ದಾರೆ. ಎಡಗೈ ಹಾಗೂ ಇತರೆ ಸಮುದಾಯಗಳಿಗೆ ಅನ್ಯಾಯವಾಗಿದೆ ಎಂದರು.
ಯಲ್ಲಿ ನಿರಾಸಕ್ತಿ ತೋರುತ್ತಿರುವ ಕಾಂಗ್ರೆಸ್ ಸರ್ಕಾರಕ್ಕೆ ಉಪಚುನಾವಣೆಯಲ್ಲಿ ಸಮುದಾಯ ತಕ್ಕ ಪ್ರತ್ಯುತ್ತರ ನೀಡುತ್ತದೆ, ಮುಂದಿನ ದಿನಗಳಲ್ಲಿ ಹಲವು ಹಂತದಲ್ಲಿ ಬೆಂಗಳೂರು ಚಲೋ ಬೃಹತ್ ಪ್ರತಿಭಟನೆ ನಡೆಸಲಾಗುವುದು ಎಂದರು. ಜಿಲ್ಲಾ ಪಂಚಾಯತಿ ಮಾಜಿ ಅಧ್ಯಕ್ಷ ವೈ.ಹೆಚ್.ಹುಚ್ಚಯ್ಯ ಮಾತನಾಡಿ, ಒಳಮೀಸಲಾತಿ ಜಾರಿ ವಿಚಾರದಲ್ಲಿ ರಾಜ್ಯ ಸರ್ಕಾರ ಸುಪ್ರೀಂ ಕೋರ್ಟ್ ಆದೇಶ ಪಾಲಿಸಬೇಕು. ಒಳಮೀಸಲಾತಿ ಜಾರಿ ಮಾಡದಿದ್ದರೆ ರಾಜ್ಯದಾದ್ಯಂತ ಉಗ್ರ ಹೋರಾಟ ನಡೆಸಲಾಗುವುದು ಎಂದು ಎಚ್ಚರಿಸಿದರು. ಸರ್ಕಾರ ಈ ತೀರ್ಮಾನ ಕೈಬಿಡದಿದ್ದರೆ ಸಮುದಾಯ ಬೀದಿಗಿಳಿಯಲಿದೆ ಎಂದರು. ಹೆಬ್ಬಾಕ ರಾಮಾಂಜನೇಯ, ಮತ್ತಿತರರು ಇದ್ದರು.
(4ನೇ ಪುಟಕ್ಕೆ)
ವಾರ್ತಾ ಇಲಾಖೆ ಮೂಲಕ ಜಾಹೀರಾತು ಬಿಡುಗಡೆಗೆ ಮನವಿ
ತುಮಕೂರು, ಅ.30- ಕರ್ನಾಟಕ ಕಾರ್ಯನಿರತ ದಿನಪತ್ರಿಕೆಗಳ ಸಂಪಾದಕರ ಸಂಘ ಜಿಲ್ಲಾ ಘಟಕದ ವತಿಯಿಂದ ಮಂಗಳವಾರ ವಾರ್ತಾ ಮತ್ತು ಸಾರ್ವಜನಿಕ ಸಂಪರ್ಕ ಇಲಾಖೆಯ ಜಿಲ್ಲಾ ಹಿರಿಯ ನಿರ್ದೇಶಕ ಹಿಮಂತರಾಜು ಅವರನ್ನು ಭೇಟಿ ಮಾಡಿ ಗ್ರಾಮ ಪಂಚಾಯತಿ, ತಾಲ್ಲೂಕು ಪಂಚಾಯತಿ, ಪಟ್ಟಣ ಪಂಚಾಯತಿ, ಪುರಸಭೆ, ನಗರಸಭೆ ಸೇರಿದಂತೆ ಸರ್ಕಾರಿ ಇಲಾಖೆಗಳು ಹಾಗೂ ವಿವಿಧ ನಿಗಮ ಮಂಡಳಿಗಳ ಜಾಹೀರಾತುಗಳನ್ನು ವಾರ್ತಾ ಇಲಾಖೆಯ ಮೂಲಕವೇ ಬಿಡುಗಡೆ ಮಾಡಲು ಕ್ರಮ ಕೈಗೊಳ್ಳಬೇಕೆಂದು ಮನವಿ ಸಲ್ಲಿಸಲಾಯಿತು. ಈ ವೇಳೆ ಸಂಘದ ರಾಜ್ಯ ಪ್ರಧಾನ ಕಾರ್ಯದರ್ಶಿ ಟಿ.ಎನ್.ಕೃಷ್ಣಮೂರ್ತಿ ಮಾತನಾಡಿ, ಜಿಲ್ಲೆಯಲ್ಲಿ ಹಲವು ಇಲಾಖೆಗಳು ನೇರವಾಗಿ ಜಾಹೀರಾತು ನೀಡುತ್ತಿರುವುದರಿಂದ ಸಣ್ಣ ಪತ್ರಿಕೆಗಳಿಗೆ ಅನ್ಯಾಯವಾಗುತ್ತಿದೆ ಎಂದರು.
ಆದರಿಂದ ಎಲ್ಲಾ ಸರ್ಕಾರಿ/ನಿಗಮ ಮಂಡಳಿಗಳ ಜಾಹೀರಾತುಗಳನ್ನು ವಾರ್ತಾ ಇಲಾಖೆಯ ಮೂಲಕವೇ ಕೊಡುವಂತೆ ನಿರ್ದೇಶನ ನೀಡಬೇಕು. ಸರ್ಕಾರದ 2017 ಜನವರಿ 19ರ ಸುತ್ತೋಲೆ ಆದೇಶದನ್ವಯ ಸರ್ಕಾರದ ಎಲ್ಲಾ ಇಲಾಖೆಗಳು ವಾರ್ತಾ ಇಲಾಖೆ ಮೂಲಕವೇ ಜಾಹೀರಾತು ಬಿಡುಗಡೆ ಮಾಡಬೇಕು. ಈ ನಿಯಮವನ್ನು ಪಾಲಿಸದೇ ಇರುವುದು ಸರಿಯಲ್ಲ ಎಂದರು. ವಾರ್ತಾ ಇಲಾಖೆಯಿಂದ ಸ್ಥಳೀಯ/ಪ್ರಾದೇಶಿಕ ಪತ್ರಿಕೆಗಳಿಗೆ ಬಿಡುಗಡೆ ಮಾಡುವ ಜಾಹೀರಾತುಗಳನ್ನು ಸಮಾನವಾಗಿ ಹಂಚಿಕೆ ಮಾಡಬೇಕು ಎಂದು ಮನವಿಯಲ್ಲಿ ಒತ್ತಾಯಿಸಲಾಯಿತು. ವಾರ್ತಾ ಇಲಾಖೆಯ ಅಧಿಕಾರಿಗಳು ಮನವಿ ಸ್ವೀಕರಿಸಿ ಸೂಕ್ತ ಕ್ರಮ ಕೈಗೊಳ್ಳುವ ಭರವಸೆ ನೀಡಿದರು.
ಸಾರ್ವಜನಿಕ ಸಂಪರ್ಕ ಇಲಾಖೆಯ ಹಿರಿಯ ಸಹಾಯಕ ನಿರ್ದೇಶಕ ಹಿಮಂತರಾಜು, ಜಿಲ್ಲಾ ಪಂಚಾಯತಿ ಸಿಇಒ ಅವರ ಗಮನಕ್ಕೆ ತಂದು ಸರ್ಕಾರದ ಆದೇಶದ ಪ್ರಕಾರ ಜಾಹೀರಾತು ನೀಡುವ ವ್ಯವಸ್ಥೆ ಮಾಡುವ ಭರವಸೆ ನೀಡಿದರು. ಸಂಘದ ಜಿಲ್ಲಾಧ್ಯಕ್ಷ ಕೆ.ಜಯರಾಮ, ಜಿಲ್ಲಾ ಪ್ರಧಾನ ಕಾರ್ಯದರ್ಶಿ ಪಿ.ಎಸ್.ಮಂಜುನಾಥ್, ರಾಜ್ಯ ಜಂಟಿ ಕಾರ್ಯದರ್ಶಿ ಎಸ್.ಸಿ.ನಾಗರಾಜ್, ಉಪಾಧ್ಯಕ್ಷರಾದ ಹೆಚ್.ಎಸ್.ಮಲ್ಲಿಕಾರ್ಜುನಸ್ವಾಮಿ, ಜಿಲ್ಲಾ ಸಂಘಟನಾ ಕಾರ್ಯದರ್ಶಿ ಸಿ.ಎಸ್.ಮಹೇಶ್‌ಕುಮಾರ್, ಜಿಲ್ಲಾ ಖಜಾಂಚಿ ಕಂಬಣ್ಣ, ಜಿಲ್ಲಾ ನಿರ್ದೇಶಕ ಬಸವರಾಜು ಹಾಜರಿದ್ದರು.
